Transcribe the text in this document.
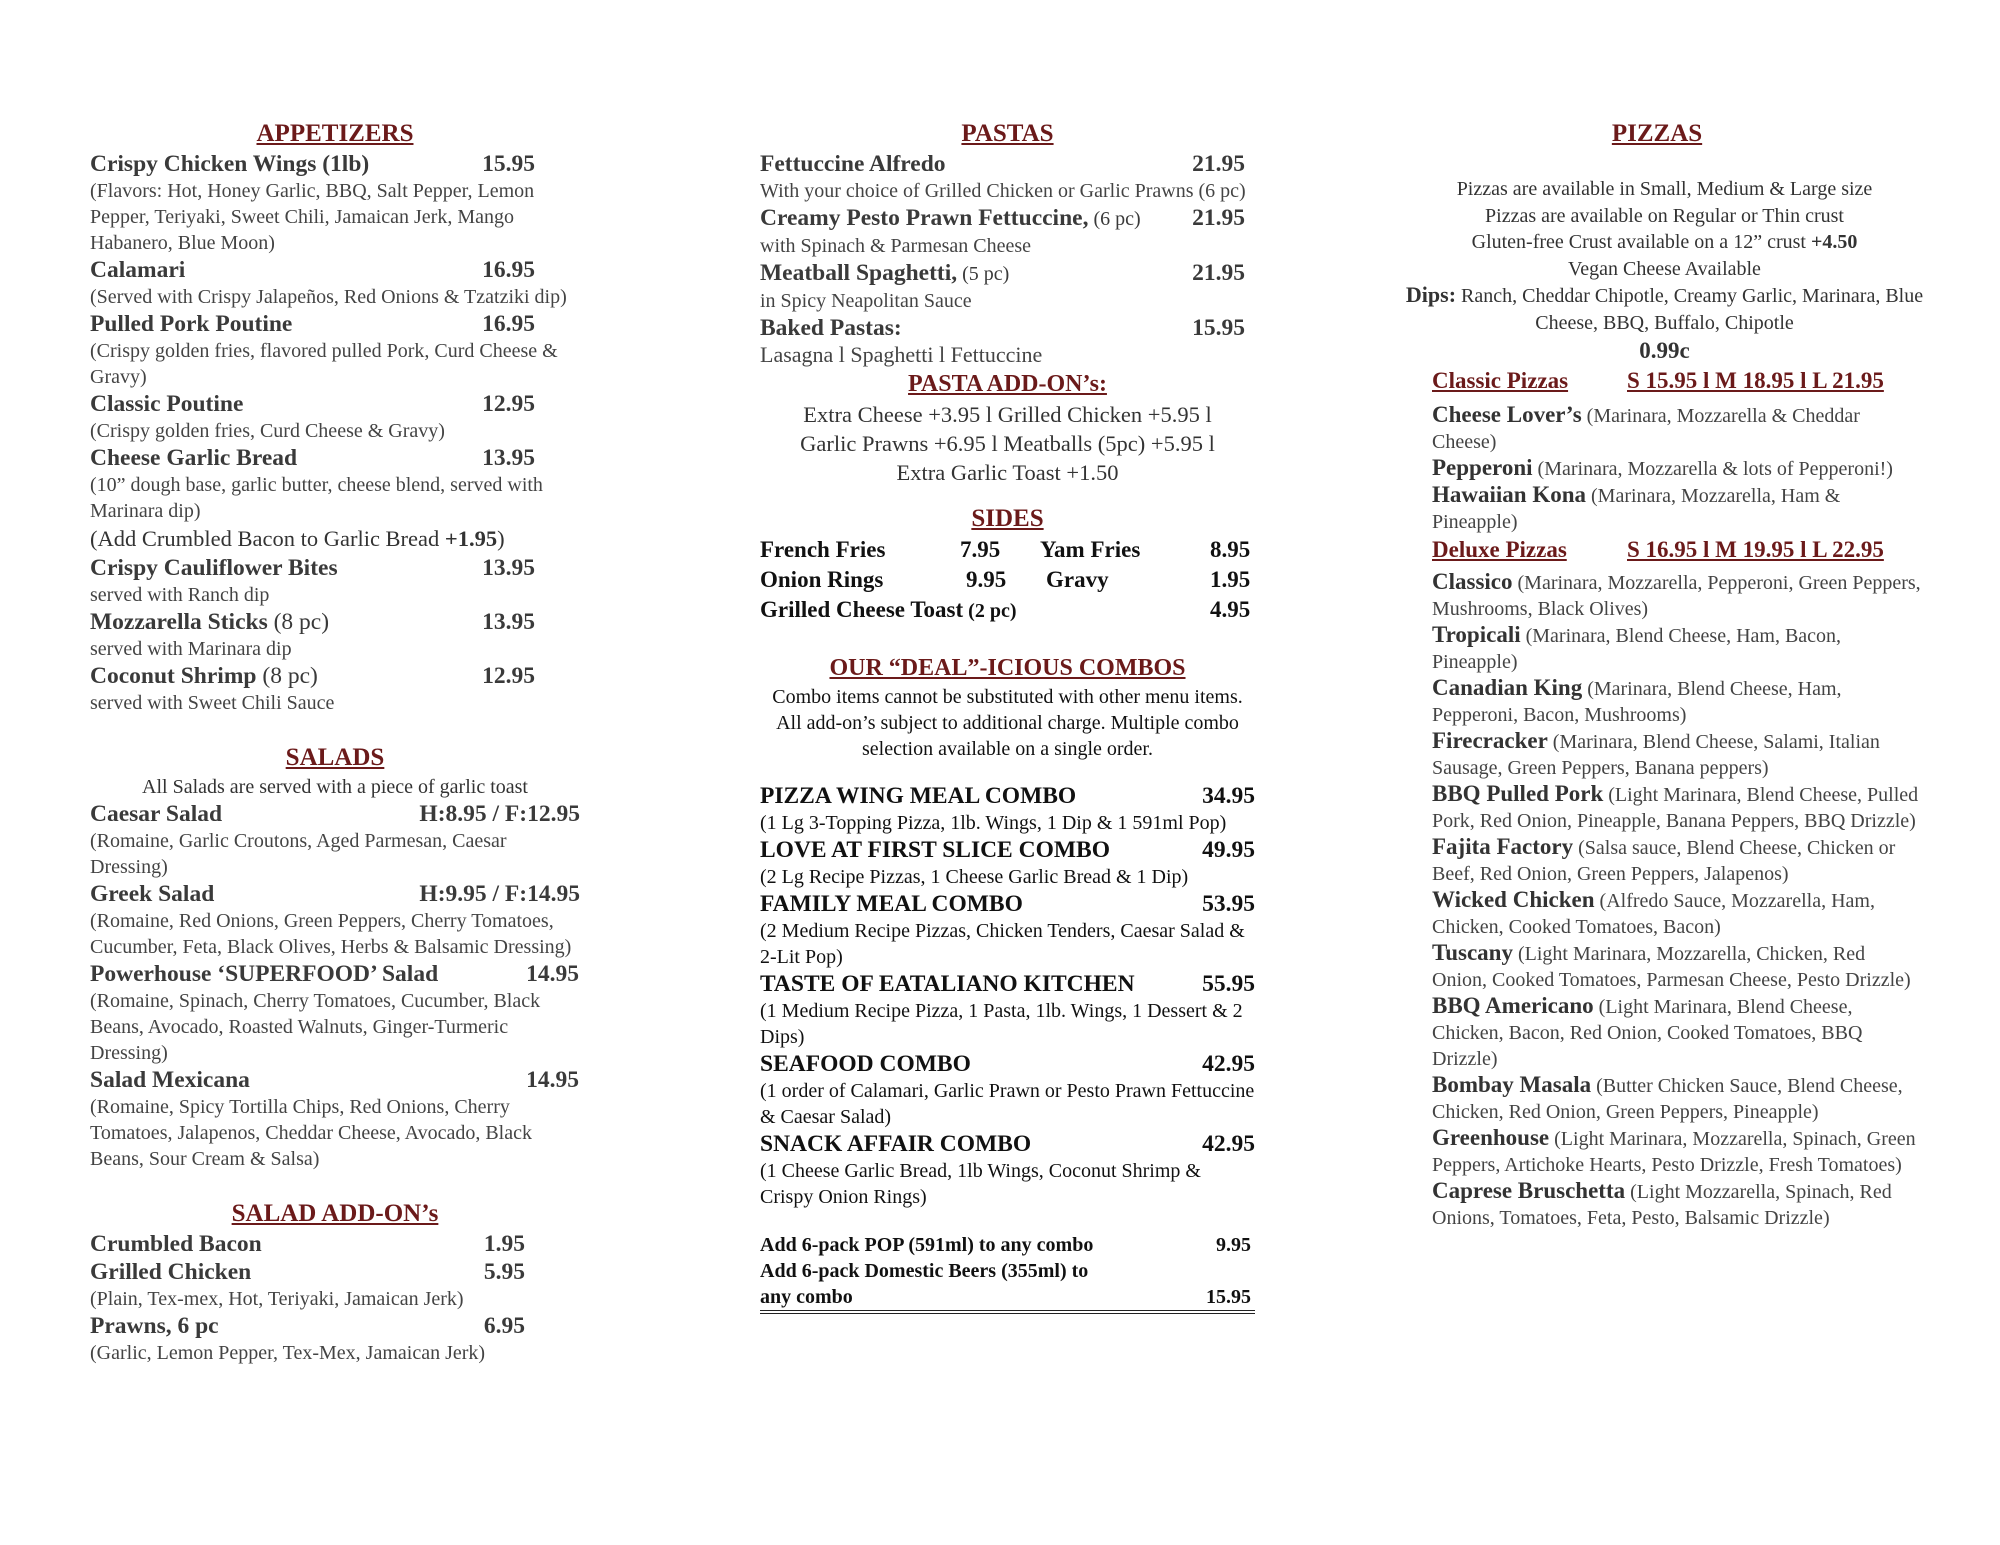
APPETIZERS
Crispy Chicken Wings (1lb)	15.95
(Flavors: Hot, Honey Garlic, BBQ, Salt Pepper, Lemon Pepper, Teriyaki, Sweet Chili, Jamaican Jerk, Mango Habanero, Blue Moon)
Calamari	16.95
(Served with Crispy Jalapeños, Red Onions & Tzatziki dip)
Pulled Pork Poutine	16.95
(Crispy golden fries, flavored pulled Pork, Curd Cheese & Gravy)
Classic Poutine	12.95
(Crispy golden fries, Curd Cheese & Gravy)
Cheese Garlic Bread	13.95
(10” dough base, garlic butter, cheese blend, served with Marinara dip)
(Add Crumbled Bacon to Garlic Bread +1.95)
Crispy Cauliflower Bites	13.95
served with Ranch dip
Mozzarella Sticks (8 pc)	13.95
served with Marinara dip
Coconut Shrimp (8 pc)	12.95
served with Sweet Chili Sauce
SALADS
All Salads are served with a piece of garlic toast
Caesar Salad	H:8.95 / F:12.95
(Romaine, Garlic Croutons, Aged Parmesan, Caesar Dressing)
Greek Salad	H:9.95 / F:14.95
(Romaine, Red Onions, Green Peppers, Cherry Tomatoes, Cucumber, Feta, Black Olives, Herbs & Balsamic Dressing)
Powerhouse ‘SUPERFOOD’ Salad	14.95
(Romaine, Spinach, Cherry Tomatoes, Cucumber, Black Beans, Avocado, Roasted Walnuts, Ginger-Turmeric Dressing)
Salad Mexicana	14.95
(Romaine, Spicy Tortilla Chips, Red Onions, Cherry Tomatoes, Jalapenos, Cheddar Cheese, Avocado, Black Beans, Sour Cream & Salsa)
SALAD ADD-ON’s
Crumbled Bacon	1.95
Grilled Chicken	5.95
(Plain, Tex-mex, Hot, Teriyaki, Jamaican Jerk)
Prawns, 6 pc	6.95
(Garlic, Lemon Pepper, Tex-Mex, Jamaican Jerk)
PASTAS
Fettuccine Alfredo	21.95
With your choice of Grilled Chicken or Garlic Prawns (6 pc)
Creamy Pesto Prawn Fettuccine, (6 pc) 21.95
with Spinach & Parmesan Cheese
Meatball Spaghetti, (5 pc)	21.95
in Spicy Neapolitan Sauce
Baked Pastas:	15.95
Lasagna l Spaghetti l Fettuccine
PASTA ADD-ON’s:
Extra Cheese +3.95 l Grilled Chicken +5.95 l
Garlic Prawns +6.95 l Meatballs (5pc) +5.95 l
Extra Garlic Toast +1.50
SIDES
French Fries	7.95	Yam Fries	8.95
Onion Rings	9.95	Gravy	1.95
Grilled Cheese Toast (2 pc)	4.95
OUR “DEAL”-ICIOUS COMBOS
Combo items cannot be substituted with other menu items. All add-on’s subject to additional charge. Multiple combo selection available on a single order.
PIZZA WING MEAL COMBO	34.95
(1 Lg 3-Topping Pizza, 1lb. Wings, 1 Dip & 1 591ml Pop)
LOVE AT FIRST SLICE COMBO	49.95
(2 Lg Recipe Pizzas, 1 Cheese Garlic Bread & 1 Dip)
FAMILY MEAL COMBO	53.95
(2 Medium Recipe Pizzas, Chicken Tenders, Caesar Salad & 2-Lit Pop)
TASTE OF EATALIANO KITCHEN	55.95
(1 Medium Recipe Pizza, 1 Pasta, 1lb. Wings, 1 Dessert & 2 Dips)
SEAFOOD COMBO	42.95
(1 order of Calamari, Garlic Prawn or Pesto Prawn Fettuccine & Caesar Salad)
SNACK AFFAIR COMBO	42.95
(1 Cheese Garlic Bread, 1lb Wings, Coconut Shrimp & Crispy Onion Rings)
Add 6-pack POP (591ml) to any combo	9.95
Add 6-pack Domestic Beers (355ml) to
any combo	15.95
PIZZAS
Pizzas are available in Small, Medium & Large size
Pizzas are available on Regular or Thin crust
Gluten-free Crust available on a 12” crust +4.50
Vegan Cheese Available
Dips: Ranch, Cheddar Chipotle, Creamy Garlic, Marinara, Blue Cheese, BBQ, Buffalo, Chipotle
0.99c
Classic Pizzas	S 15.95 l M 18.95 l L 21.95
Cheese Lover’s (Marinara, Mozzarella & Cheddar Cheese)
Pepperoni (Marinara, Mozzarella & lots of Pepperoni!)
Hawaiian Kona (Marinara, Mozzarella, Ham & Pineapple)
Deluxe Pizzas	S 16.95 l M 19.95 l L 22.95
Classico (Marinara, Mozzarella, Pepperoni, Green Peppers, Mushrooms, Black Olives)
Tropicali (Marinara, Blend Cheese, Ham, Bacon, Pineapple)
Canadian King (Marinara, Blend Cheese, Ham, Pepperoni, Bacon, Mushrooms)
Firecracker (Marinara, Blend Cheese, Salami, Italian Sausage, Green Peppers, Banana peppers)
BBQ Pulled Pork (Light Marinara, Blend Cheese, Pulled Pork, Red Onion, Pineapple, Banana Peppers, BBQ Drizzle)
Fajita Factory (Salsa sauce, Blend Cheese, Chicken or Beef, Red Onion, Green Peppers, Jalapenos)
Wicked Chicken (Alfredo Sauce, Mozzarella, Ham, Chicken, Cooked Tomatoes, Bacon)
Tuscany (Light Marinara, Mozzarella, Chicken, Red Onion, Cooked Tomatoes, Parmesan Cheese, Pesto Drizzle)
BBQ Americano (Light Marinara, Blend Cheese, Chicken, Bacon, Red Onion, Cooked Tomatoes, BBQ Drizzle)
Bombay Masala (Butter Chicken Sauce, Blend Cheese, Chicken, Red Onion, Green Peppers, Pineapple)
Greenhouse (Light Marinara, Mozzarella, Spinach, Green Peppers, Artichoke Hearts, Pesto Drizzle, Fresh Tomatoes)
Caprese Bruschetta (Light Mozzarella, Spinach, Red Onions, Tomatoes, Feta, Pesto, Balsamic Drizzle)
